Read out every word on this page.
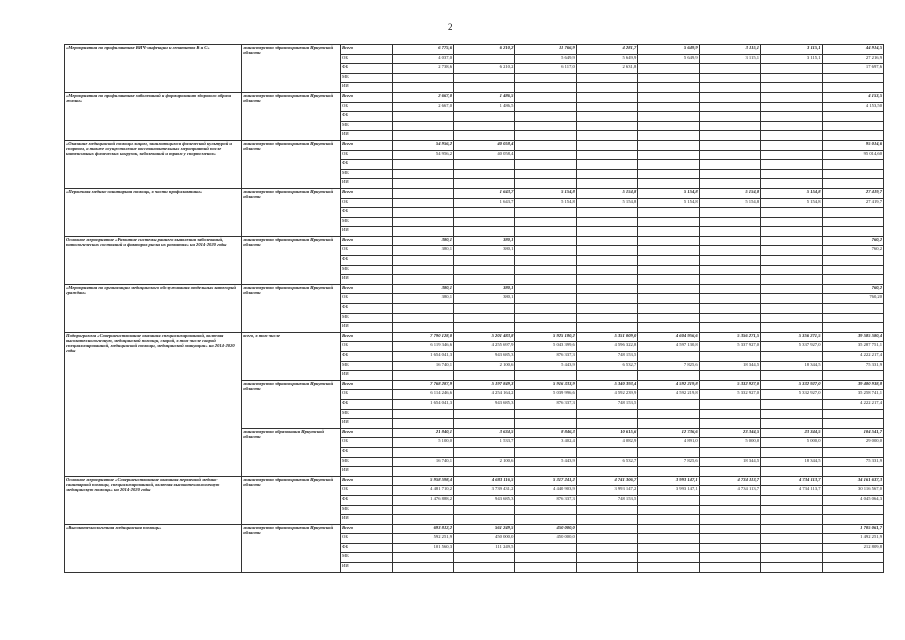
2
«Мероприятия по профилактике ВИЧ-инфекции и гепатитов В и С»	министерство здравоохранения Иркутской области	Всего	6 775,6	6 210,2	11 766,9	4 281,7	5 649,9	3 115,1	3 115,1	44 914,5
		ОБ	4 037,0		5 649,9	5 649,9	5 649,9	3 115,1	3 115,1	27 216,9
		ФБ	2 738,6	6 210,2	6 117,0	2 631,8				17 697,6
		МБ								
		ИИ								
«Мероприятия по профилактике заболеваний и формированию здорового образа жизни»	министерство здравоохранения Иркутской области	Всего	2 667,0	1 486,5						4 153,5
		ОБ	2 667,0	1 486,5						4 153,50
		ФБ								
		МБ								
		ИИ								
«Оказание медицинской помощи лицам, занимающимся физической культурой и спортом, а также осуществление восстановительных мероприятий после интенсивных физических нагрузок, заболеваний и травм у спортсменов»	министерство здравоохранения Иркутской области	Всего	54 956,2	40 058,4						95 014,6
		ОБ	54 956,2	40 058,4						95 014,60
		ФБ								
		МБ								
		ИИ								
«Первичная медико-санитарная помощь, в части профилактики»	министерство здравоохранения Иркутской области	Всего		1 643,7	5 154,8	5 154,8	5 154,8	5 154,8	5 154,8	27 419,7
		ОБ		1 643,7	5 154,8	5 154,8	5 154,8	5 154,8	5 154,8	27 419,7
		ФБ								
		МБ								
		ИИ								
Основное мероприятие «Развитие системы раннего выявления заболеваний, патологических состояний и факторов риска их развития» на 2014-2020 годы	министерство здравоохранения Иркутской области	Всего	380,1	380,1						760,2
		ОБ	380,1	380,1						760,2
		ФБ								
		МБ								
		ИИ								
«Мероприятия по организации медицинского обслуживания отдельных категорий граждан»	министерство здравоохранения Иркутской области	Всего	380,1	380,1						760,2
		ОБ	380,1	380,1						760,20
		ФБ								
		МБ								
		ИИ								
Подпрограмма «Совершенствование оказания специализированной, включая высокотехнологичную, медицинской помощи, скорой, в том числе скорой специализированной, медицинской помощи, медицинской эвакуации» на 2014-2020 годы	всего, в том числе	Всего	7 790 128,0	5 201 483,8	5 925 180,2	5 351 009,0	4 604 956,6	5 356 271,5	5 356 271,5	39 585 580,4
		ОБ	6 119 346,6	4 255 697,9	5 043 399,6	4 596 322,8	4 597 130,8	5 337 927,0	5 337 927,0	35 287 751,1
		ФБ	1 654 041,3	943 685,3	876 337,3	748 153,5				4 222 217,4
		МБ	16 740,1	2 100,6	5 443,9	6 532,7	7 825,6	18 344,5	18 344,5	75 331,9
		ИИ								
	министерство здравоохранения Иркутской области	Всего	7 768 287,9	5 197 849,3	5 916 333,9	5 340 393,4	4 592 219,8	5 332 927,0	5 332 927,0	39 480 938,8
		ОБ	6 114 246,6	4 254 164,2	5 039 996,6	4 592 239,9	4 592 219,8	5 332 927,0	5 332 927,0	35 258 741,1
		ФБ	1 654 041,3	943 685,3	876 337,3	748 153,5				4 222 217,4
		МБ								
		ИИ								
	министерство образования Иркутской области	Всего	21 840,1	3 634,5	8 846,3	10 615,6	12 736,6	23 344,5	23 344,5	104 541,7
		ОБ	5 100,0	1 533,7	3 402,4	4 082,9	4 891,0	5 000,0	5 000,0	29 000,0
		ФБ								
		МБ	16 740,1	2 100,6	5 443,9	6 532,7	7 825,6	18 344,5	18 344,5	75 331,9
		ИИ								
Основное мероприятие «Совершенствование оказания первичной медико-санитарной помощи, специализированной, включая высокотехнологичную медицинскую помощь» на 2014-2020 годы	министерство здравоохранения Иркутской области	Всего	5 958 598,4	4 683 116,5	5 317 241,2	4 741 306,7	3 993 147,1	4 734 113,7	4 734 113,7	34 161 637,3
		ОБ	4 481 710,2	3 739 431,2	4 440 903,9	3 993 147,2	3 993 147,1	4 734 113,7	4 734 113,7	30 116 567,0
		ФБ	1 476 888,2	943 685,3	876 337,3	748 153,5				4 045 064,3
		МБ								
		ИИ								
«Высокотехнологичная медицинская помощь»	министерство здравоохранения Иркутской области	Всего	693 812,2	561 249,5	450 000,0					1 705 061,7
		ОБ	592 251,9	450 000,0	450 000,0					1 492 251,9
		ФБ	101 560,3	111 249,5						212 809,8
		МБ								
		ИИ								
